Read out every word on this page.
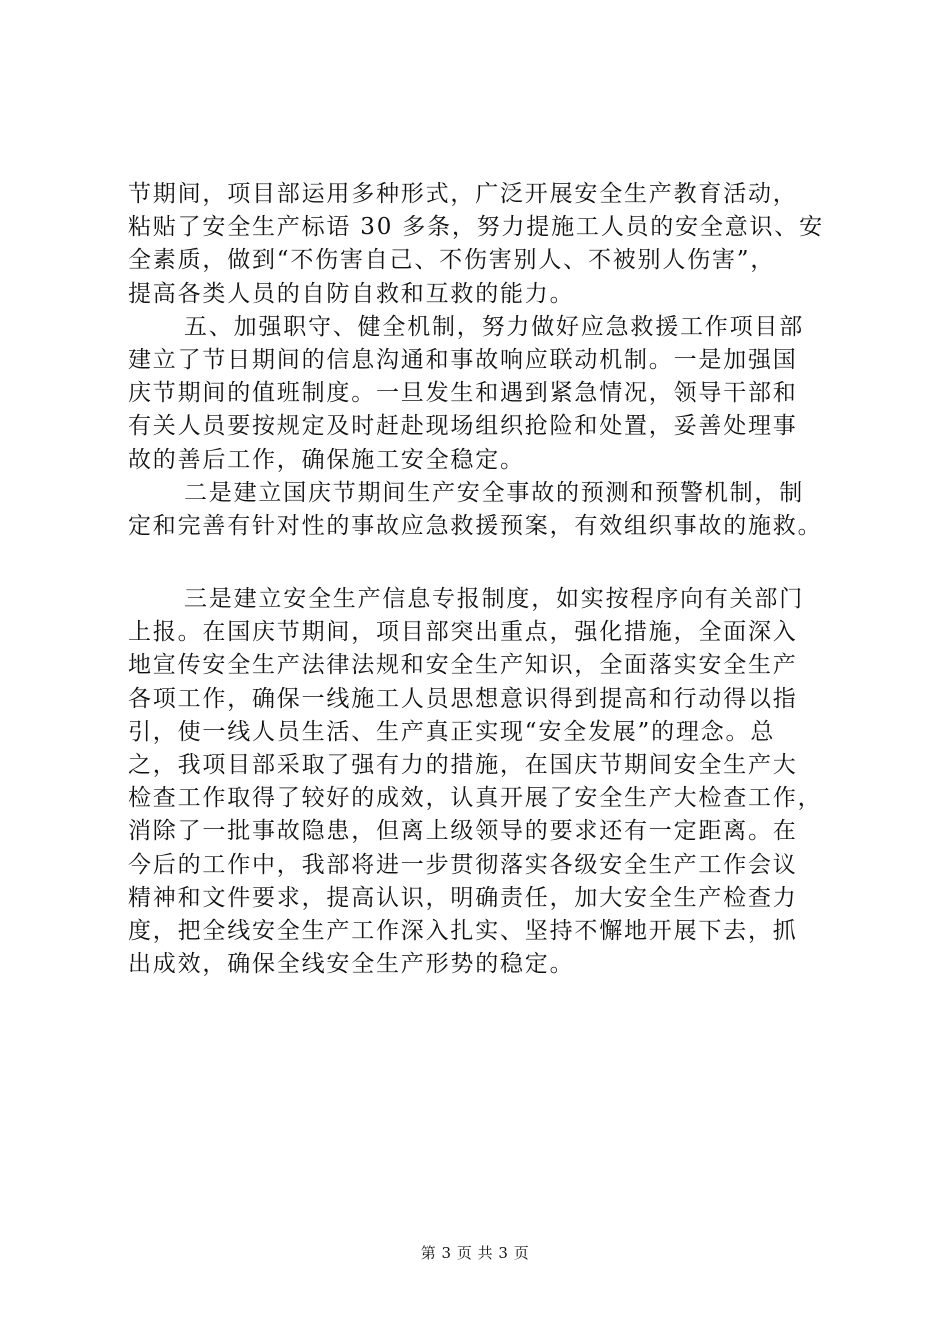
节期间，项目部运用多种形式，广泛开展安全生产教育活动，
粘贴了安全生产标语 30 多条，努力提施工人员的安全意识、安
全素质，做到“不伤害自己、不伤害别人、不被别人伤害”，
提高各类人员的自防自救和互救的能力。
五、加强职守、健全机制，努力做好应急救援工作项目部
建立了节日期间的信息沟通和事故响应联动机制。一是加强国
庆节期间的值班制度。一旦发生和遇到紧急情况，领导干部和
有关人员要按规定及时赶赴现场组织抢险和处置，妥善处理事
故的善后工作，确保施工安全稳定。
二是建立国庆节期间生产安全事故的预测和预警机制，制
定和完善有针对性的事故应急救援预案，有效组织事故的施救。
三是建立安全生产信息专报制度，如实按程序向有关部门
上报。在国庆节期间，项目部突出重点，强化措施，全面深入
地宣传安全生产法律法规和安全生产知识，全面落实安全生产
各项工作，确保一线施工人员思想意识得到提高和行动得以指
引，使一线人员生活、生产真正实现“安全发展”的理念。总
之，我项目部采取了强有力的措施，在国庆节期间安全生产大
检查工作取得了较好的成效，认真开展了安全生产大检查工作，
消除了一批事故隐患，但离上级领导的要求还有一定距离。在
今后的工作中，我部将进一步贯彻落实各级安全生产工作会议
精神和文件要求，提高认识，明确责任，加大安全生产检查力
度，把全线安全生产工作深入扎实、坚持不懈地开展下去，抓
出成效，确保全线安全生产形势的稳定。
第 3 页 共 3 页
